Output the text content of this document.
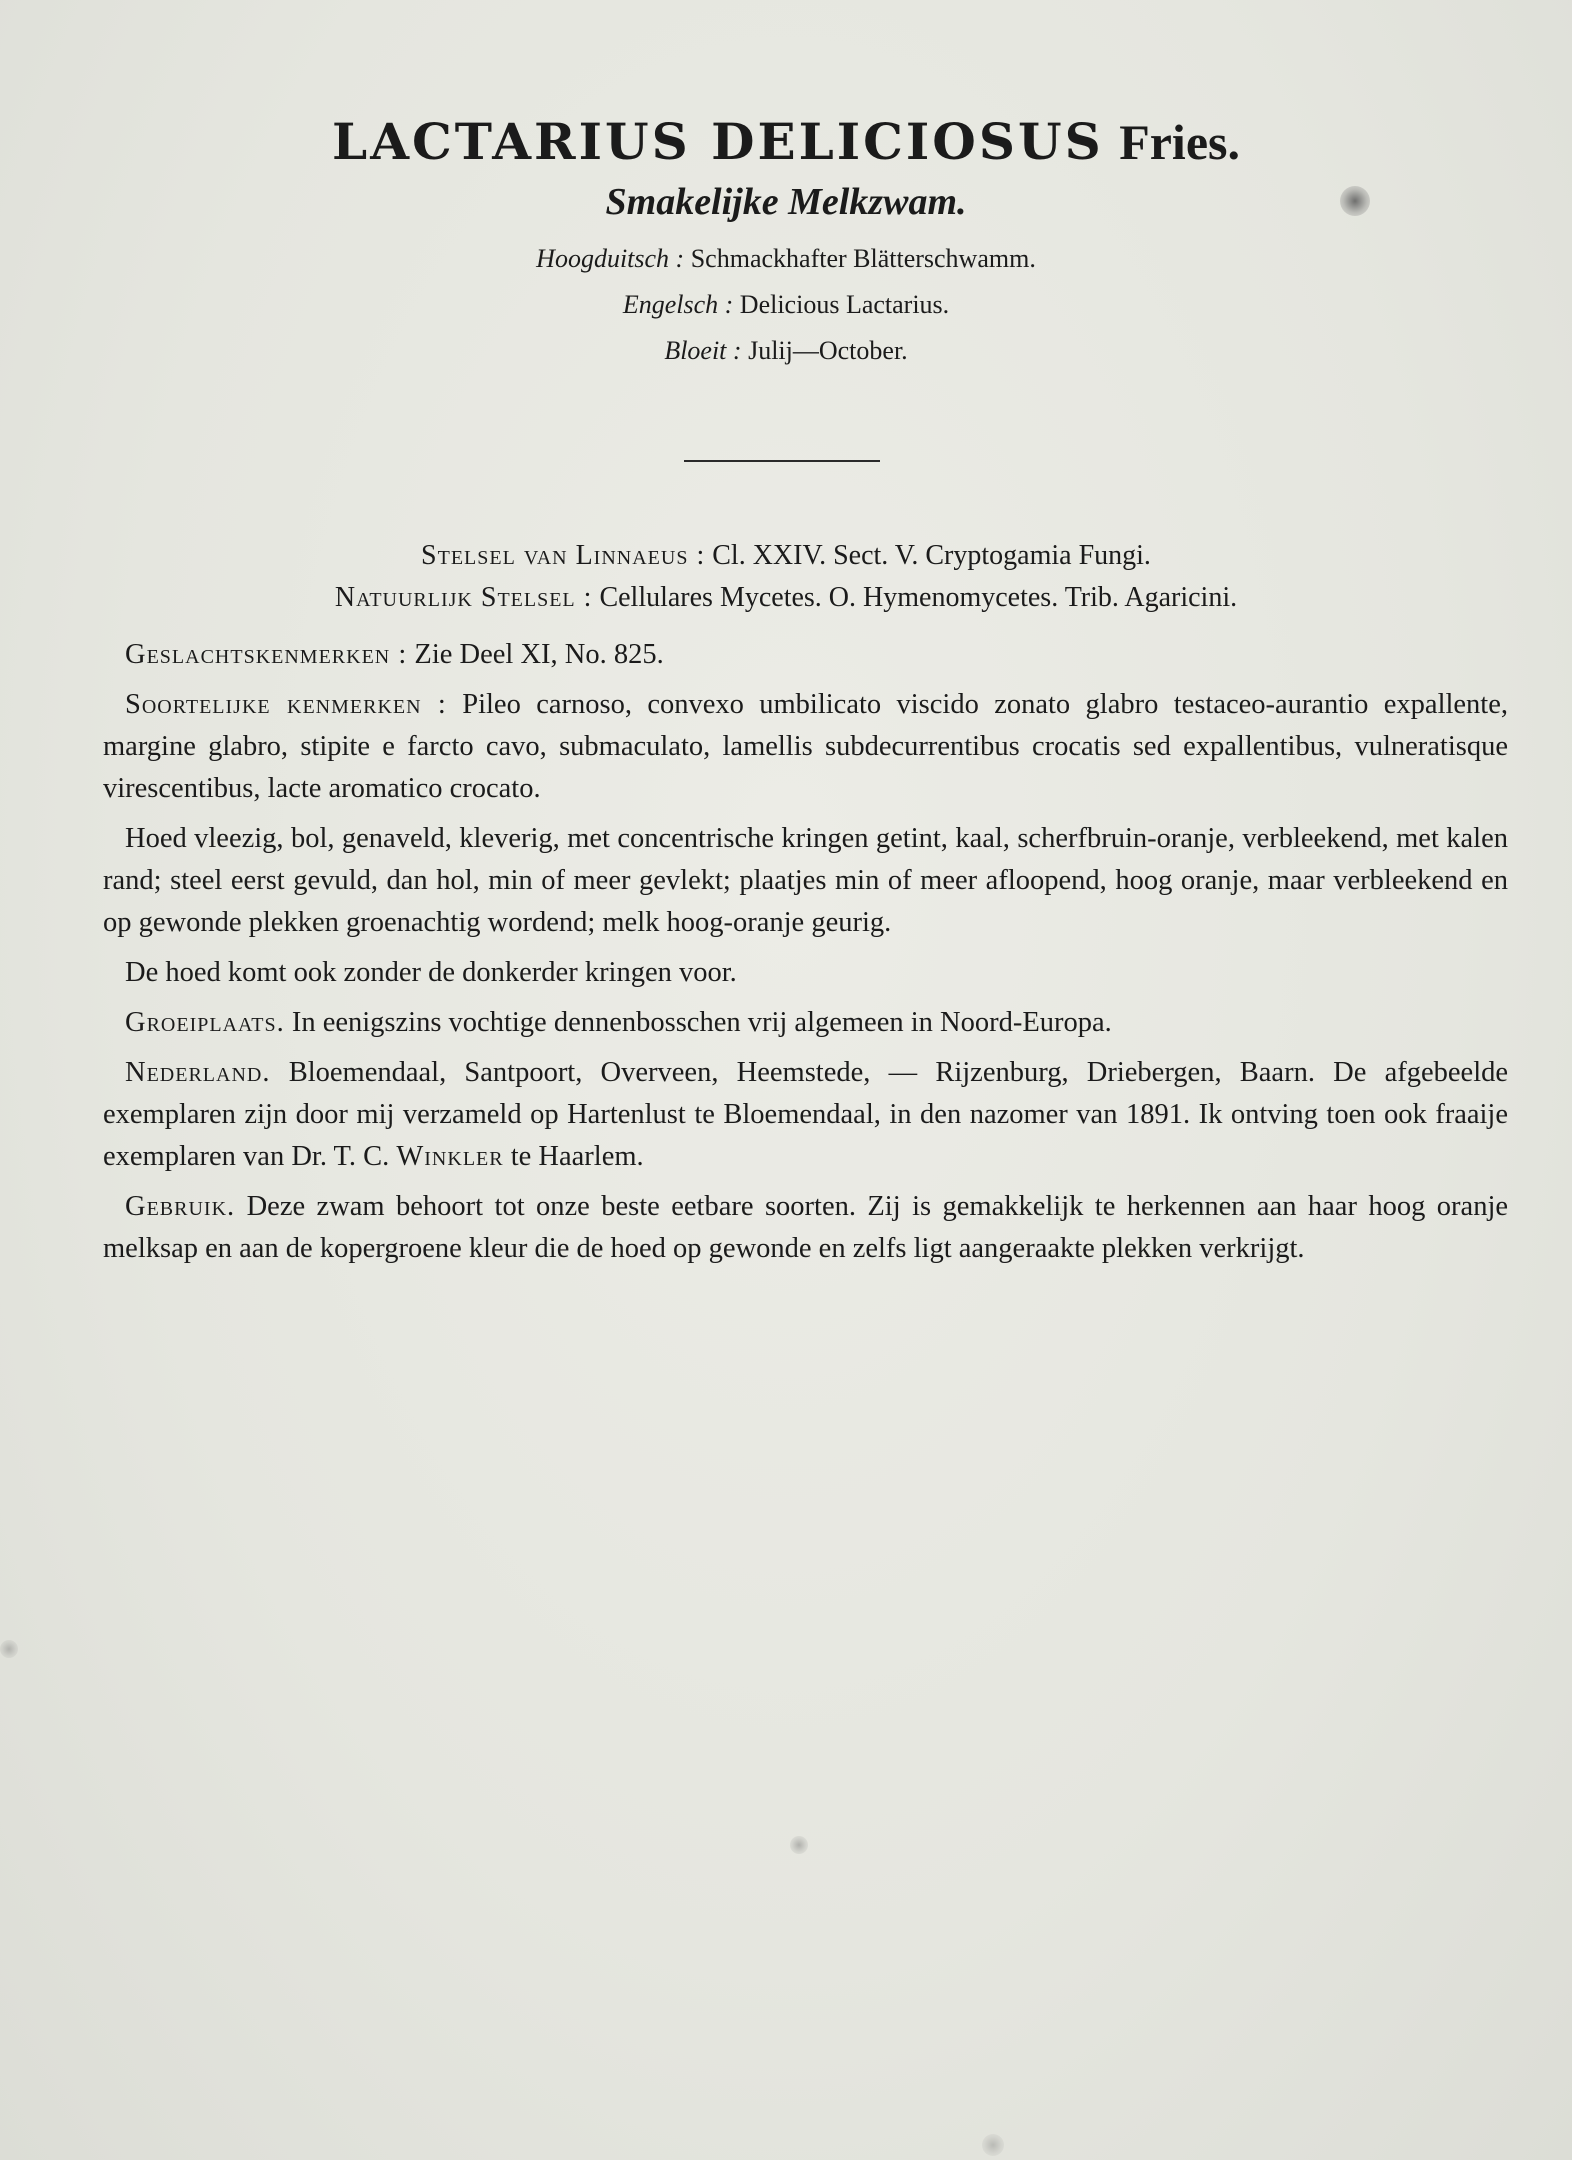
LACTARIUS DELICIOSUS Fries.
Smakelijke Melkzwam.
Hoogduitsch : Schmackhafter Blätterschwamm.
Engelsch : Delicious Lactarius.
Bloeit : Julij—October.
Stelsel van Linnaeus : Cl. XXIV. Sect. V. Cryptogamia Fungi.
Natuurlijk Stelsel : Cellulares Mycetes. O. Hymenomycetes. Trib. Agaricini.

Geslachtskenmerken : Zie Deel XI, No. 825.

Soortelijke kenmerken : Pileo carnoso, convexo umbilicato viscido zonato glabro testaceo-aurantio expallente, margine glabro, stipite e farcto cavo, submaculato, lamellis subdecurrentibus crocatis sed expallentibus, vulneratisque virescentibus, lacte aromatico crocato.

Hoed vleezig, bol, genaveld, kleverig, met concentrische kringen getint, kaal, scherfbruin-oranje, verbleekend, met kalen rand; steel eerst gevuld, dan hol, min of meer gevlekt; plaatjes min of meer afloopend, hoog oranje, maar verbleekend en op gewonde plekken groenachtig wordend; melk hoog-oranje geurig.

De hoed komt ook zonder de donkerder kringen voor.

Groeiplaats. In eenigszins vochtige dennenbosschen vrij algemeen in Noord-Europa.

Nederland. Bloemendaal, Santpoort, Overveen, Heemstede, — Rijzenburg, Driebergen, Baarn. De afgebeelde exemplaren zijn door mij verzameld op Hartenlust te Bloemendaal, in den nazomer van 1891. Ik ontving toen ook fraaije exemplaren van Dr. T. C. Winkler te Haarlem.

Gebruik. Deze zwam behoort tot onze beste eetbare soorten. Zij is gemakkelijk te herkennen aan haar hoog oranje melksap en aan de kopergroene kleur die de hoed op gewonde en zelfs ligt aangeraakte plekken verkrijgt.
